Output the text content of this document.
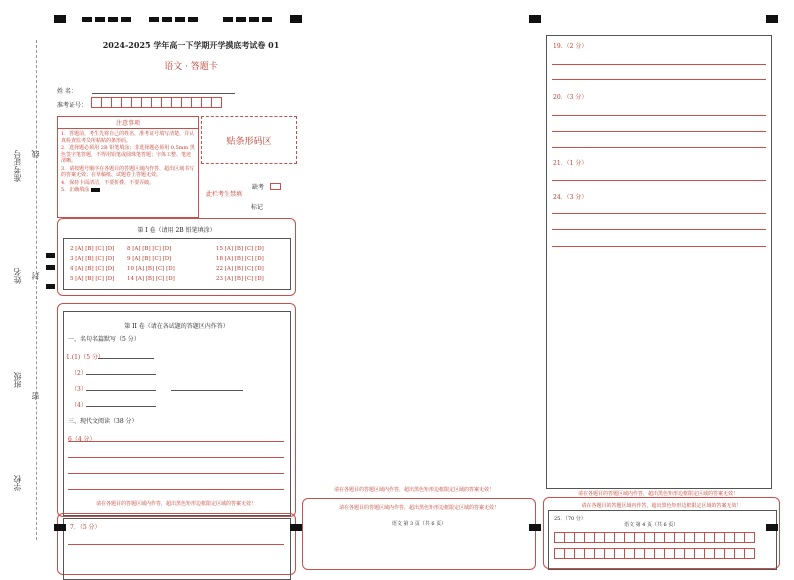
准考证号 线
姓名 封
班级
密
学校
2024-2025 学年高一下学期开学摸底考试卷 01
语文 · 答题卡
姓 名：
准考证号：
注意事项
1．答题前，考生先将自己的姓名，准考证号填写清楚，并认真检查监考员所粘贴的条形码。
2．选择题必须用 2B 铅笔填涂；非选择题必须用 0.5mm 黑色签字笔答题，不得用铅笔或圆珠笔答题；字体工整、笔迹清晰。
3．请按题号顺序在各题目的答题区域内作答，超出区域书写的答案无效；在草稿纸、试题卷上答题无效。
4．保持卡面清洁，不要折叠、不要弄破。
5．正确填涂
贴条形码区
缺考
此栏考生禁填
标记
第 I 卷（请用 2B 铅笔填涂）
2 [A] [B] [C] [D]
3 [A] [B] [C] [D]
4 [A] [B] [C] [D]
5 [A] [B] [C] [D]
8 [A] [B] [C] [D]
9 [A] [B] [C] [D]
10 [A] [B] [C] [D]
14 [A] [B] [C] [D]
15 [A] [B] [C] [D]
18 [A] [B] [C] [D]
22 [A] [B] [C] [D]
23 [A] [B] [C] [D]
第 II 卷（请在各试题的答题区内作答）
一、名句名篇默写（5 分）
1.(1)（5 分）
（2）
（3）
（4）
三、现代文阅读（38 分）
6（4 分）
请在各题目的答题区域内作答，超出黑色矩形边框限定区域的答案无效！
7．（5 分）
请在各题目的答题区域内作答，超出黑色矩形边框限定区域的答案无效！
请在各题目的答题区域内作答，超出黑色矩形边框限定区域的答案无效！
语文 第 3 页（共 6 页）
19．（2 分）
20．（3 分）
21．（1 分）
24．（3 分）
请在各题目的答题区域内作答，超出黑色矩形边框限定区域的答案无效！
请在各题目的答题区域内作答，超出黑色矩形边框限定区域的答案无效！
25．（70 分）
语文 第 4 页（共 6 页）
